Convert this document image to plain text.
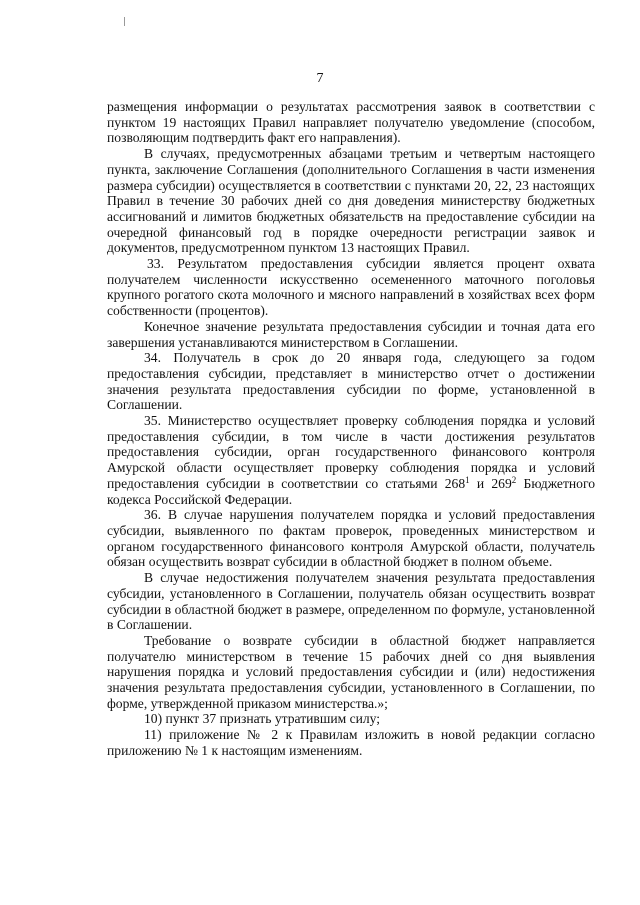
7

размещения информации о результатах рассмотрения заявок в соответствии с пунктом 19 настоящих Правил направляет получателю уведомление (способом, позволяющим подтвердить факт его направления).

В случаях, предусмотренных абзацами третьим и четвертым настоящего пункта, заключение Соглашения (дополнительного Соглашения в части изменения размера субсидии) осуществляется в соответствии с пунктами 20, 22, 23 настоящих Правил в течение 30 рабочих дней со дня доведения министерству бюджетных ассигнований и лимитов бюджетных обязательств на предоставление субсидии на очередной финансовый год в порядке очередности регистрации заявок и документов, предусмотренном пунктом 13 настоящих Правил.

33. Результатом предоставления субсидии является процент охвата получателем численности искусственно осемененного маточного поголовья крупного рогатого скота молочного и мясного направлений в хозяйствах всех форм собственности (процентов).

Конечное значение результата предоставления субсидии и точная дата его завершения устанавливаются министерством в Соглашении.

34. Получатель в срок до 20 января года, следующего за годом предоставления субсидии, представляет в министерство отчет о достижении значения результата предоставления субсидии по форме, установленной в Соглашении.

35. Министерство осуществляет проверку соблюдения порядка и условий предоставления субсидии, в том числе в части достижения результатов предоставления субсидии, орган государственного финансового контроля Амурской области осуществляет проверку соблюдения порядка и условий предоставления субсидии в соответствии со статьями $268^1$ и $269^2$ Бюджетного кодекса Российской Федерации.

36. В случае нарушения получателем порядка и условий предоставления субсидии, выявленного по фактам проверок, проведенных министерством и органом государственного финансового контроля Амурской области, получатель обязан осуществить возврат субсидии в областной бюджет в полном объеме.

В случае недостижения получателем значения результата предоставления субсидии, установленного в Соглашении, получатель обязан осуществить возврат субсидии в областной бюджет в размере, определенном по формуле, установленной в Соглашении.

Требование о возврате субсидии в областной бюджет направляется получателю министерством в течение 15 рабочих дней со дня выявления нарушения порядка и условий предоставления субсидии и (или) недостижения значения результата предоставления субсидии, установленного в Соглашении, по форме, утвержденной приказом министерства.»;

10) пункт 37 признать утратившим силу;

11) приложение № 2 к Правилам изложить в новой редакции согласно приложению № 1 к настоящим изменениям.
